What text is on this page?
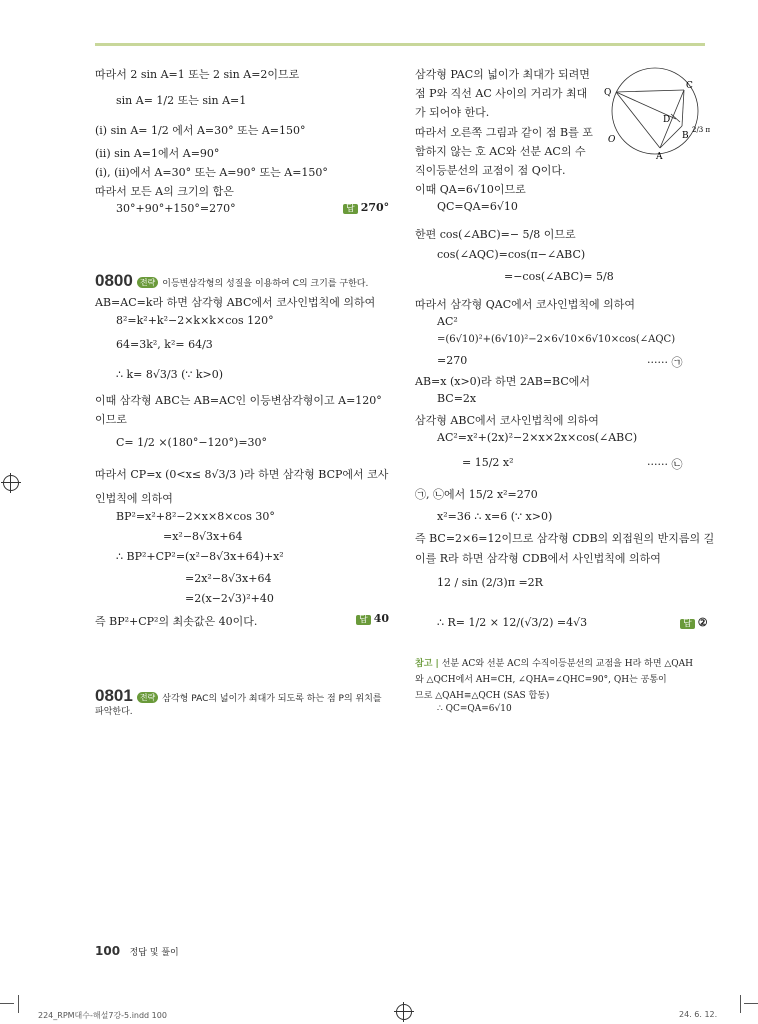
따라서 2 sin A=1 또는 2 sin A=2이므로
sin A= 1/2 또는 sin A=1
(ⅰ) sin A= 1/2 에서 A=30° 또는 A=150°
(ⅱ) sin A=1에서 A=90°
(ⅰ), (ⅱ)에서 A=30° 또는 A=90° 또는 A=150°
따라서 모든 A의 크기의 합은
30°+90°+150°=270°	답 270°
0800 전략 이등변삼각형의 성질을 이용하여 C의 크기를 구한다.
AB=AC=k라 하면 삼각형 ABC에서 코사인법칙에 의하여
8²=k²+k²−2×k×k×cos 120°
64=3k², k²= 64/3
∴ k= 8√3/3 (∵ k>0)
이때 삼각형 ABC는 AB=AC인 이등변삼각형이고 A=120°
이므로
C= 1/2 ×(180°−120°)=30°
따라서 CP=x (0<x≤ 8√3/3 )라 하면 삼각형 BCP에서 코사
인법칙에 의하여
BP²=x²+8²−2×x×8×cos 30°
=x²−8√3x+64
∴ BP²+CP²=(x²−8√3x+64)+x²
=2x²−8√3x+64
=2(x−2√3)²+40
즉 BP²+CP²의 최솟값은 40이다.	답 40
0801 전략 삼각형 PAC의 넓이가 최대가 되도록 하는 점 P의 위치를
파악한다.
삼각형 PAC의 넓이가 최대가 되려면
점 P와 직선 AC 사이의 거리가 최대
가 되어야 한다.
따라서 오른쪽 그림과 같이 점 B를 포
함하지 않는 호 AC와 선분 AC의 수
직이등분선의 교점이 점 Q이다.
이때 QA=6√10이므로
QC=QA=6√10
한편 cos(∠ABC)=− 5/8 이므로
cos(∠AQC)=cos(π−∠ABC)
=−cos(∠ABC)= 5/8
따라서 삼각형 QAC에서 코사인법칙에 의하여
AC²
=(6√10)²+(6√10)²−2×6√10×6√10×cos(∠AQC)
=270	······ ㉠
AB=x (x>0)라 하면 2AB=BC에서
BC=2x
삼각형 ABC에서 코사인법칙에 의하여
AC²=x²+(2x)²−2×x×2x×cos(∠ABC)
= 15/2 x²	······ ㉡
㉠, ㉡에서 15/2 x²=270
x²=36 ∴ x=6 (∵ x>0)
즉 BC=2×6=12이므로 삼각형 CDB의 외접원의 반지름의 길
이를 R라 하면 삼각형 CDB에서 사인법칙에 의하여
12 / sin (2/3)π =2R
∴ R= 1/2 × 12/(√3/2) =4√3	답 ②
참고 | 선분 AC와 선분 AC의 수직이등분선의 교점을 H라 하면 △QAH
와 △QCH에서 AH=CH, ∠QHA=∠QHC=90°, QH는 공통이
므로 △QAH≡△QCH (SAS 합동)
∴ QC=QA=6√10
Q
C
D
B
O
A
2/3 π
100 정답 및 풀이
224_RPM대수-해설7강-5.indd 100	24. 6. 12.
